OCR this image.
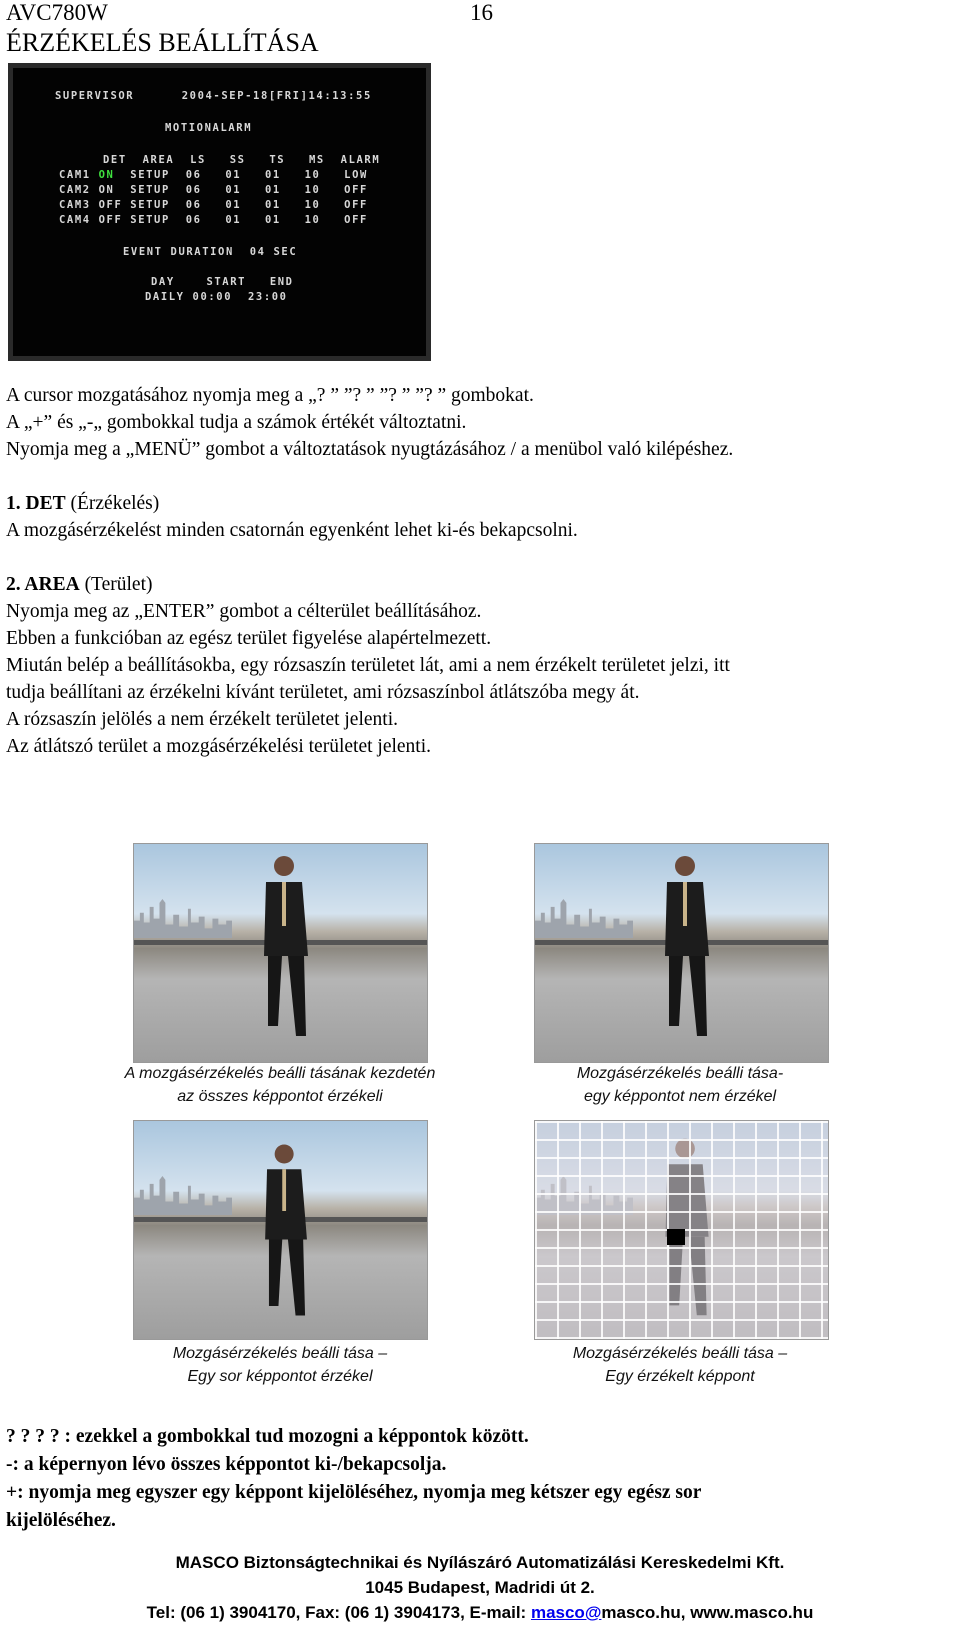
AVC780W	16
ÉRZÉKELÉS BEÁLLÍTÁSA
SUPERVISOR      2004-SEP-18[FRI]14:13:55
MOTIONALARM
DET  AREA  LS   SS   TS   MS  ALARM
CAM1 ON  SETUP  06   01   01   10   LOW
CAM2 ON  SETUP  06   01   01   10   OFF
CAM3 OFF SETUP  06   01   01   10   OFF
CAM4 OFF SETUP  06   01   01   10   OFF
EVENT DURATION  04 SEC
DAY    START   END
DAILY 00:00  23:00
A cursor mozgatásához nyomja meg a „? ” ”? ” ”? ” ”? ” gombokat.
A „+” és „-„ gombokkal tudja a számok értékét változtatni.
Nyomja meg a „MENÜ” gombot a változtatások nyugtázásához / a menübol való kilépéshez.
1. DET (Érzékelés)
A mozgásérzékelést minden csatornán egyenként lehet ki-és bekapcsolni.
2. AREA (Terület)
Nyomja meg az „ENTER” gombot a célterület beállításához.
Ebben a funkcióban az egész terület figyelése alapértelmezett.
Miután belép a beállításokba, egy rózsaszín területet lát, ami a nem érzékelt területet jelzi, itt
tudja beállítani az érzékelni kívánt területet, ami rózsaszínbol átlátszóba megy át.
A rózsaszín jelölés a nem érzékelt területet jelenti.
Az átlátszó terület a mozgásérzékelési területet jelenti.
A mozgásérzékelés beálli tásának kezdetén
az összes képpontot érzékeli
Mozgásérzékelés beálli tása-
egy képpontot nem érzékel
Mozgásérzékelés beálli tása –
Egy sor képpontot érzékel
Mozgásérzékelés beálli tása –
Egy érzékelt képpont
? ? ? ? : ezekkel a gombokkal tud mozogni a képpontok között.
-: a képernyon lévo összes képpontot ki-/bekapcsolja.
+: nyomja meg egyszer egy képpont kijelöléséhez, nyomja meg kétszer egy egész sor
kijelöléséhez.
MASCO Biztonságtechnikai és Nyílászáró Automatizálási Kereskedelmi Kft.
1045 Budapest, Madridi út 2.
Tel: (06 1) 3904170, Fax: (06 1) 3904173, E-mail: masco@masco.hu, www.masco.hu
